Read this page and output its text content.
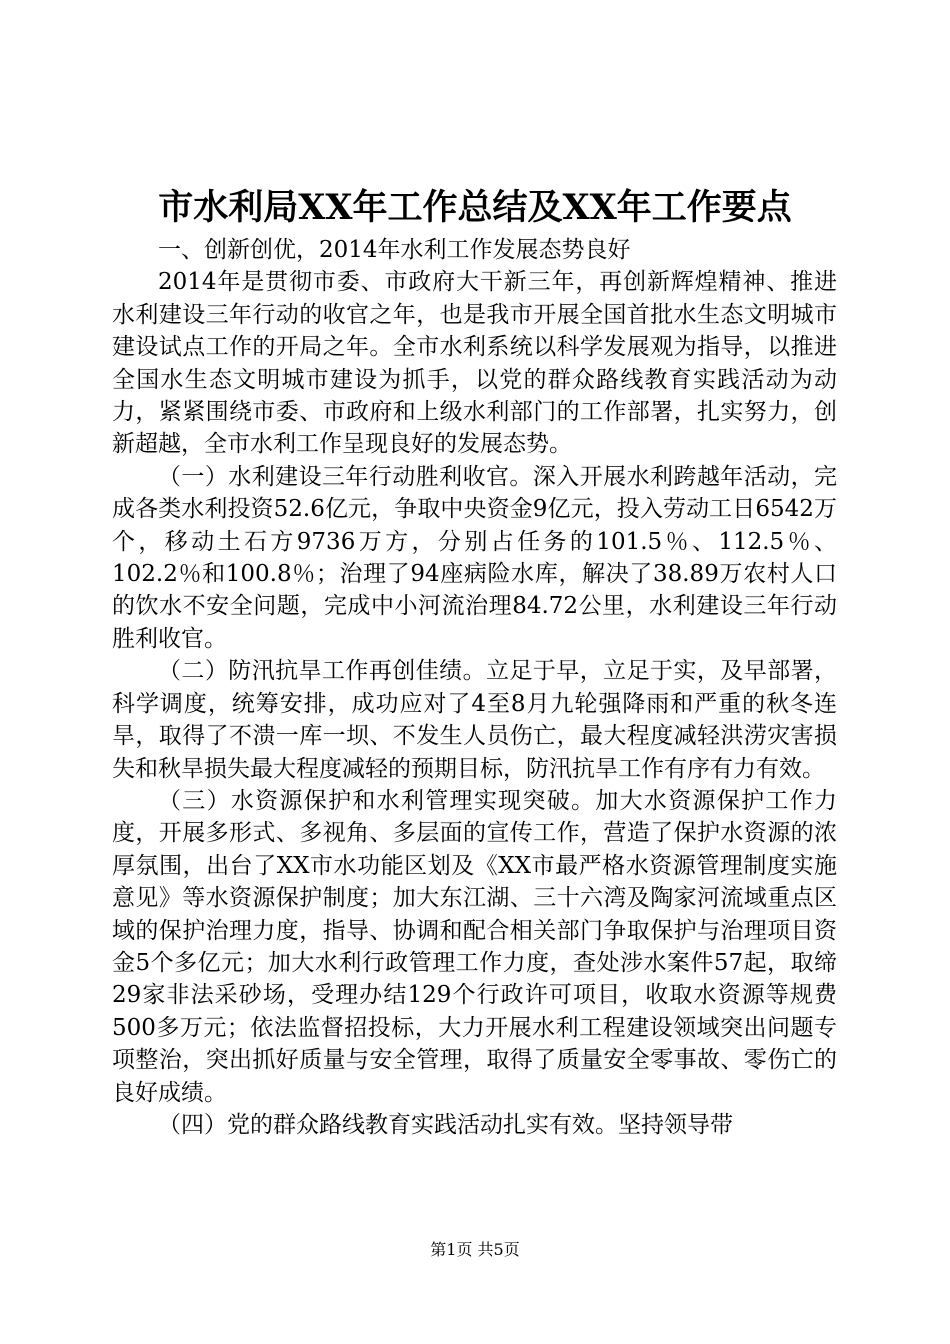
市水利局XX年工作总结及XX年工作要点

一、创新创优，2014年水利工作发展态势良好

2014年是贯彻市委、市政府大干新三年，再创新辉煌精神、推进水利建设三年行动的收官之年，也是我市开展全国首批水生态文明城市建设试点工作的开局之年。全市水利系统以科学发展观为指导，以推进全国水生态文明城市建设为抓手，以党的群众路线教育实践活动为动力，紧紧围绕市委、市政府和上级水利部门的工作部署，扎实努力，创新超越，全市水利工作呈现良好的发展态势。

（一）水利建设三年行动胜利收官。深入开展水利跨越年活动，完成各类水利投资52.6亿元，争取中央资金9亿元，投入劳动工日6542万个，移动土石方9736万方，分别占任务的101.5％、112.5％、102.2％和100.8％；治理了94座病险水库，解决了38.89万农村人口的饮水不安全问题，完成中小河流治理84.72公里，水利建设三年行动胜利收官。

（二）防汛抗旱工作再创佳绩。立足于早，立足于实，及早部署，科学调度，统筹安排，成功应对了4至8月九轮强降雨和严重的秋冬连旱，取得了不溃一库一坝、不发生人员伤亡，最大程度减轻洪涝灾害损失和秋旱损失最大程度减轻的预期目标，防汛抗旱工作有序有力有效。

（三）水资源保护和水利管理实现突破。加大水资源保护工作力度，开展多形式、多视角、多层面的宣传工作，营造了保护水资源的浓厚氛围，出台了XX市水功能区划及《XX市最严格水资源管理制度实施意见》等水资源保护制度；加大东江湖、三十六湾及陶家河流域重点区域的保护治理力度，指导、协调和配合相关部门争取保护与治理项目资金5个多亿元；加大水利行政管理工作力度，查处涉水案件57起，取缔29家非法采砂场，受理办结129个行政许可项目，收取水资源等规费500多万元；依法监督招投标，大力开展水利工程建设领域突出问题专项整治，突出抓好质量与安全管理，取得了质量安全零事故、零伤亡的良好成绩。

（四）党的群众路线教育实践活动扎实有效。坚持领导带

第1页 共5页
